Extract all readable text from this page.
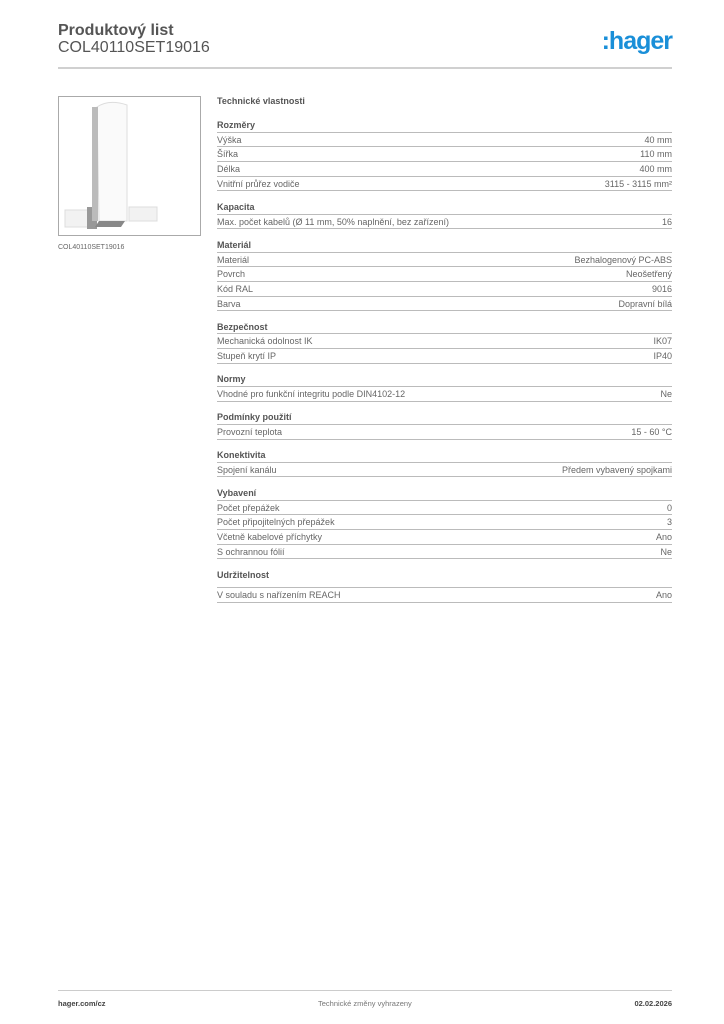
Produktový list
COL40110SET19016	:hager
COL40110SET19016
Technické vlastnosti
Rozměry
Výška	40 mm
Šířka	110 mm
Délka	400 mm
Vnitřní průřez vodiče	3115 - 3115 mm²
Kapacita
Max. počet kabelů (Ø 11 mm, 50% naplnění, bez zařízení)	16
Materiál
Materiál	Bezhalogenový PC-ABS
Povrch	Neošetřený
Kód RAL	9016
Barva	Dopravní bílá
Bezpečnost
Mechanická odolnost IK	IK07
Stupeň krytí IP	IP40
Normy
Vhodné pro funkční integritu podle DIN4102-12	Ne
Podmínky použití
Provozní teplota	15 - 60 °C
Konektivita
Spojení kanálu	Předem vybavený spojkami
Vybavení
Počet přepážek	0
Počet připojitelných přepážek	3
Včetně kabelové příchytky	Ano
S ochrannou fólií	Ne
Udržitelnost
V souladu s nařízením REACH	Ano
hager.com/cz	Technické změny vyhrazeny	02.02.2026
